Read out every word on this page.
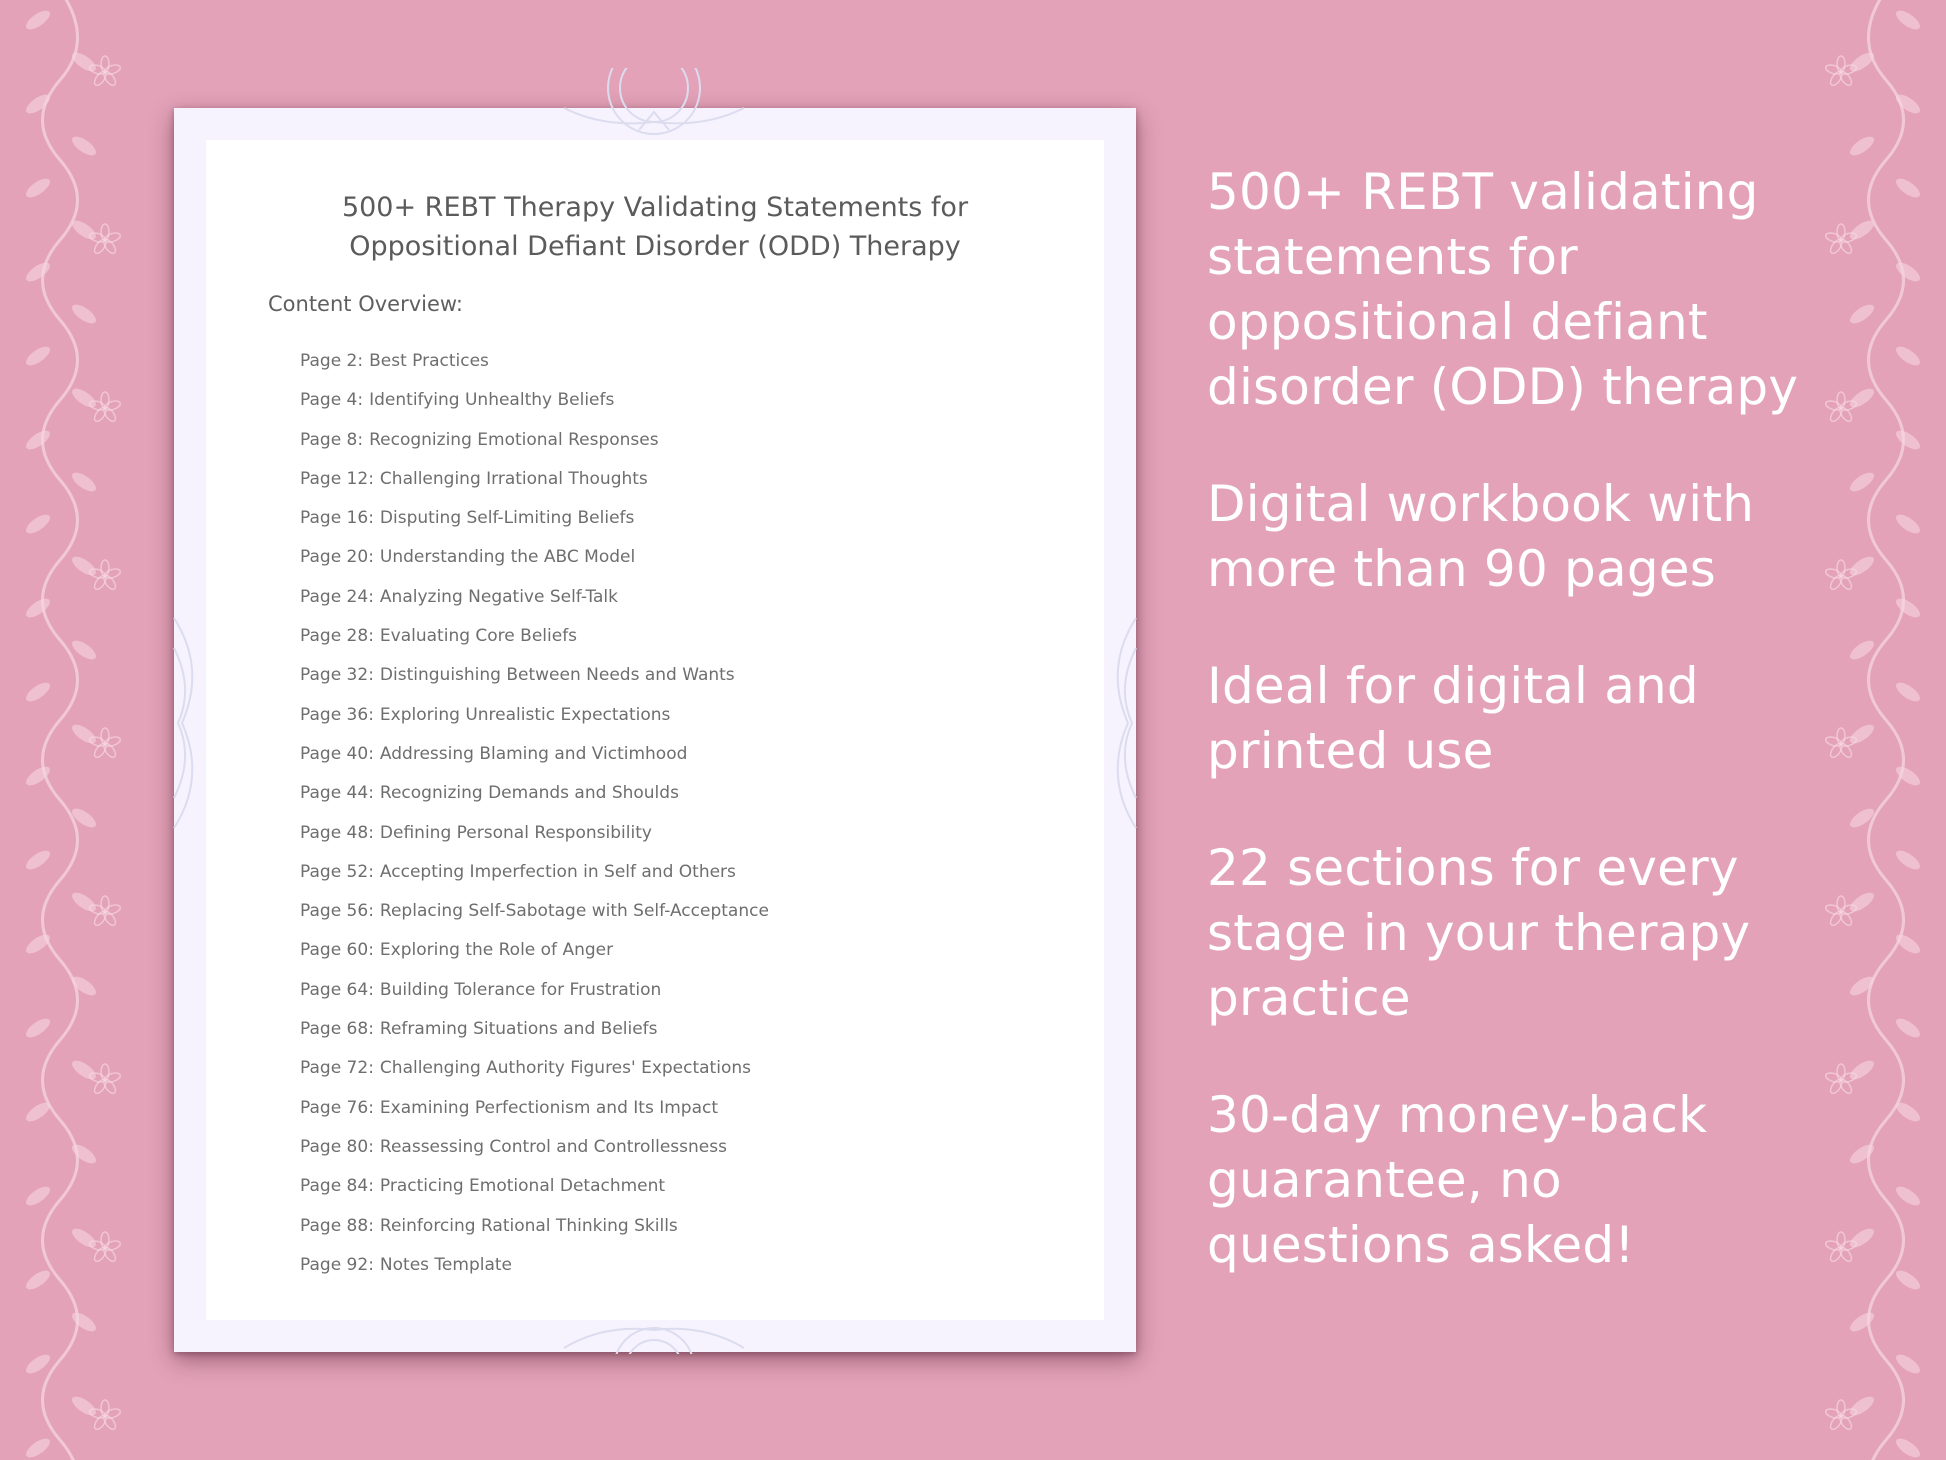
500+ REBT Therapy Validating Statements for
Oppositional Defiant Disorder (ODD) Therapy
Content Overview:
Page 2: Best Practices
Page 4: Identifying Unhealthy Beliefs
Page 8: Recognizing Emotional Responses
Page 12: Challenging Irrational Thoughts
Page 16: Disputing Self-Limiting Beliefs
Page 20: Understanding the ABC Model
Page 24: Analyzing Negative Self-Talk
Page 28: Evaluating Core Beliefs
Page 32: Distinguishing Between Needs and Wants
Page 36: Exploring Unrealistic Expectations
Page 40: Addressing Blaming and Victimhood
Page 44: Recognizing Demands and Shoulds
Page 48: Defining Personal Responsibility
Page 52: Accepting Imperfection in Self and Others
Page 56: Replacing Self-Sabotage with Self-Acceptance
Page 60: Exploring the Role of Anger
Page 64: Building Tolerance for Frustration
Page 68: Reframing Situations and Beliefs
Page 72: Challenging Authority Figures' Expectations
Page 76: Examining Perfectionism and Its Impact
Page 80: Reassessing Control and Controllessness
Page 84: Practicing Emotional Detachment
Page 88: Reinforcing Rational Thinking Skills
Page 92: Notes Template
500+ REBT validating
statements for
oppositional defiant
disorder (ODD) therapy
Digital workbook with
more than 90 pages
Ideal for digital and
printed use
22 sections for every
stage in your therapy
practice
30-day money-back
guarantee, no
questions asked!
